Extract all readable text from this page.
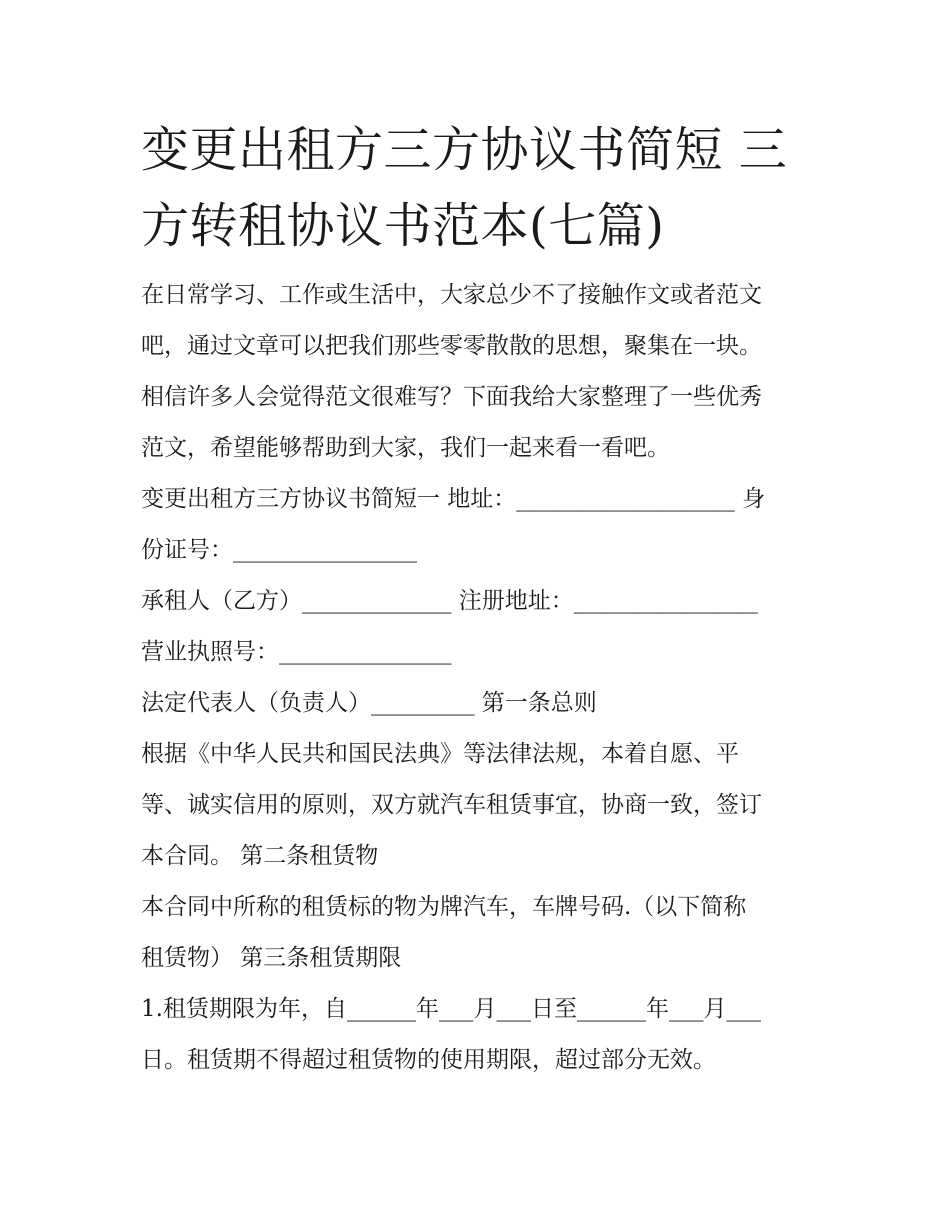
变更出租方三方协议书简短 三
方转租协议书范本(七篇)

在日常学习、工作或生活中，大家总少不了接触作文或者范文

吧，通过文章可以把我们那些零零散散的思想，聚集在一块。

相信许多人会觉得范文很难写？下面我给大家整理了一些优秀

范文，希望能够帮助到大家，我们一起来看一看吧。

变更出租方三方协议书简短一 地址：___________________ 身

份证号：________________

承租人（乙方）_____________ 注册地址：________________

营业执照号：_______________

法定代表人（负责人）_________ 第一条总则

根据《中华人民共和国民法典》等法律法规，本着自愿、平

等、诚实信用的原则，双方就汽车租赁事宜，协商一致，签订

本合同。 第二条租赁物

本合同中所称的租赁标的物为牌汽车，车牌号码.（以下简称

租赁物） 第三条租赁期限

1.租赁期限为年，自______年___月___日至______年___月___

日。租赁期不得超过租赁物的使用期限，超过部分无效。
